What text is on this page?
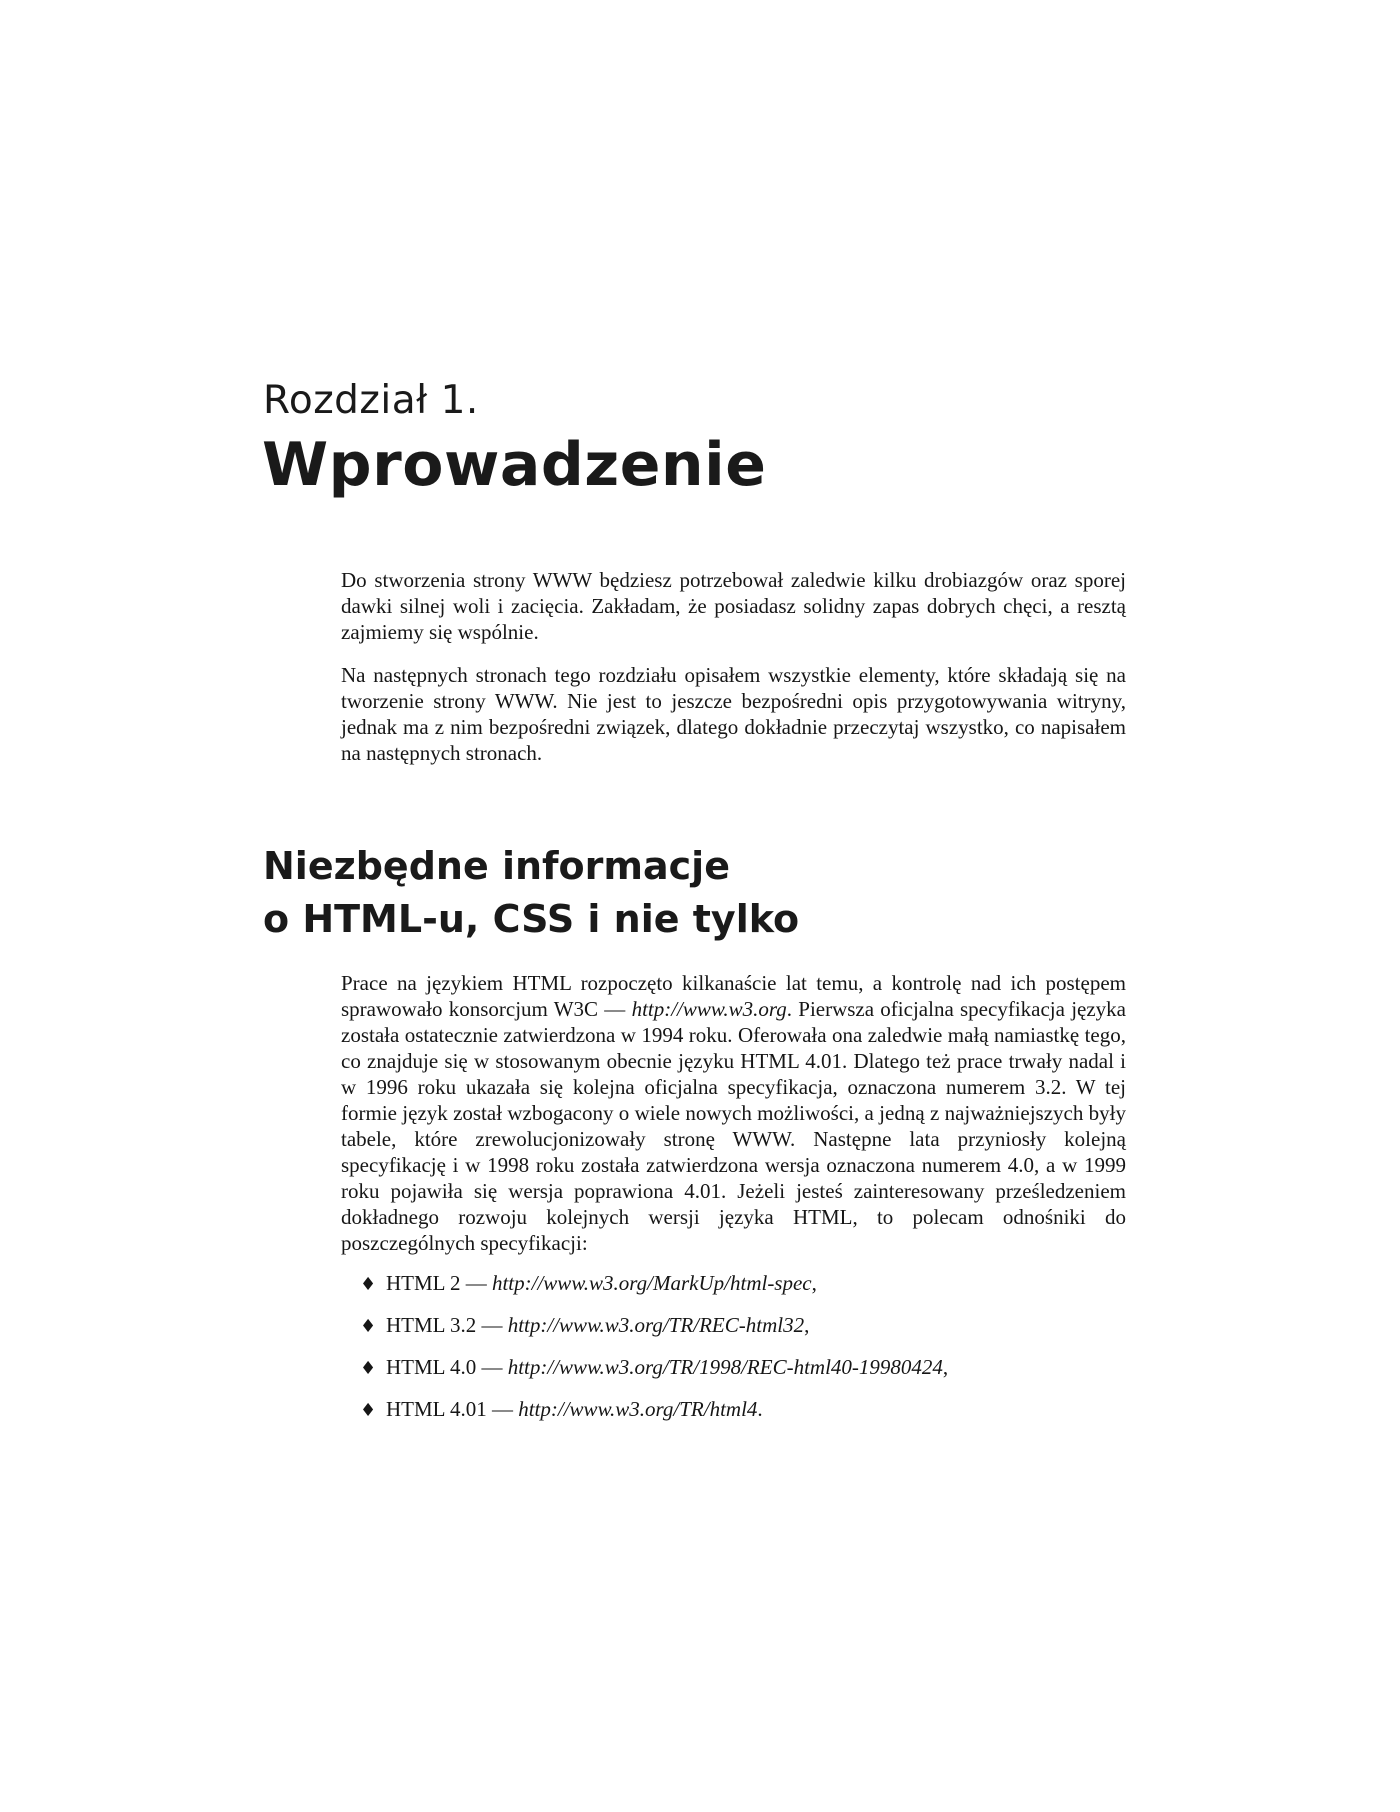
Rozdział 1.
Wprowadzenie

Do stworzenia strony WWW będziesz potrzebował zaledwie kilku drobiazgów oraz sporej dawki silnej woli i zacięcia. Zakładam, że posiadasz solidny zapas dobrych chęci, a resztą zajmiemy się wspólnie.

Na następnych stronach tego rozdziału opisałem wszystkie elementy, które składają się na tworzenie strony WWW. Nie jest to jeszcze bezpośredni opis przygotowywania witryny, jednak ma z nim bezpośredni związek, dlatego dokładnie przeczytaj wszystko, co napisałem na następnych stronach.

Niezbędne informacje
o HTML-u, CSS i nie tylko

Prace na językiem HTML rozpoczęto kilkanaście lat temu, a kontrolę nad ich postępem sprawowało konsorcjum W3C — http://www.w3.org. Pierwsza oficjalna specyfikacja języka została ostatecznie zatwierdzona w 1994 roku. Oferowała ona zaledwie małą namiastkę tego, co znajduje się w stosowanym obecnie języku HTML 4.01. Dlatego też prace trwały nadal i w 1996 roku ukazała się kolejna oficjalna specyfikacja, oznaczona numerem 3.2. W tej formie język został wzbogacony o wiele nowych możliwości, a jedną z najważniejszych były tabele, które zrewolucjonizowały stronę WWW. Następne lata przyniosły kolejną specyfikację i w 1998 roku została zatwierdzona wersja oznaczona numerem 4.0, a w 1999 roku pojawiła się wersja poprawiona 4.01. Jeżeli jesteś zainteresowany prześledzeniem dokładnego rozwoju kolejnych wersji języka HTML, to polecam odnośniki do poszczególnych specyfikacji:

♦ HTML 2 — http://www.w3.org/MarkUp/html-spec,
♦ HTML 3.2 — http://www.w3.org/TR/REC-html32,
♦ HTML 4.0 — http://www.w3.org/TR/1998/REC-html40-19980424,
♦ HTML 4.01 — http://www.w3.org/TR/html4.
